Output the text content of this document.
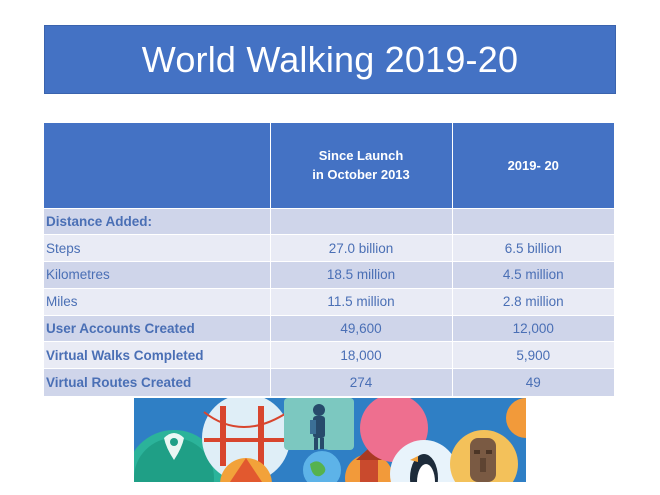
World Walking 2019-20
	Since Launch
in October 2013	2019- 20
Distance Added:		
Steps	27.0 billion	6.5 billion
Kilometres	18.5 million	4.5 million
Miles	11.5 million	2.8 million
User Accounts Created	49,600	12,000
Virtual Walks Completed	18,000	5,900
Virtual Routes Created	274	49
